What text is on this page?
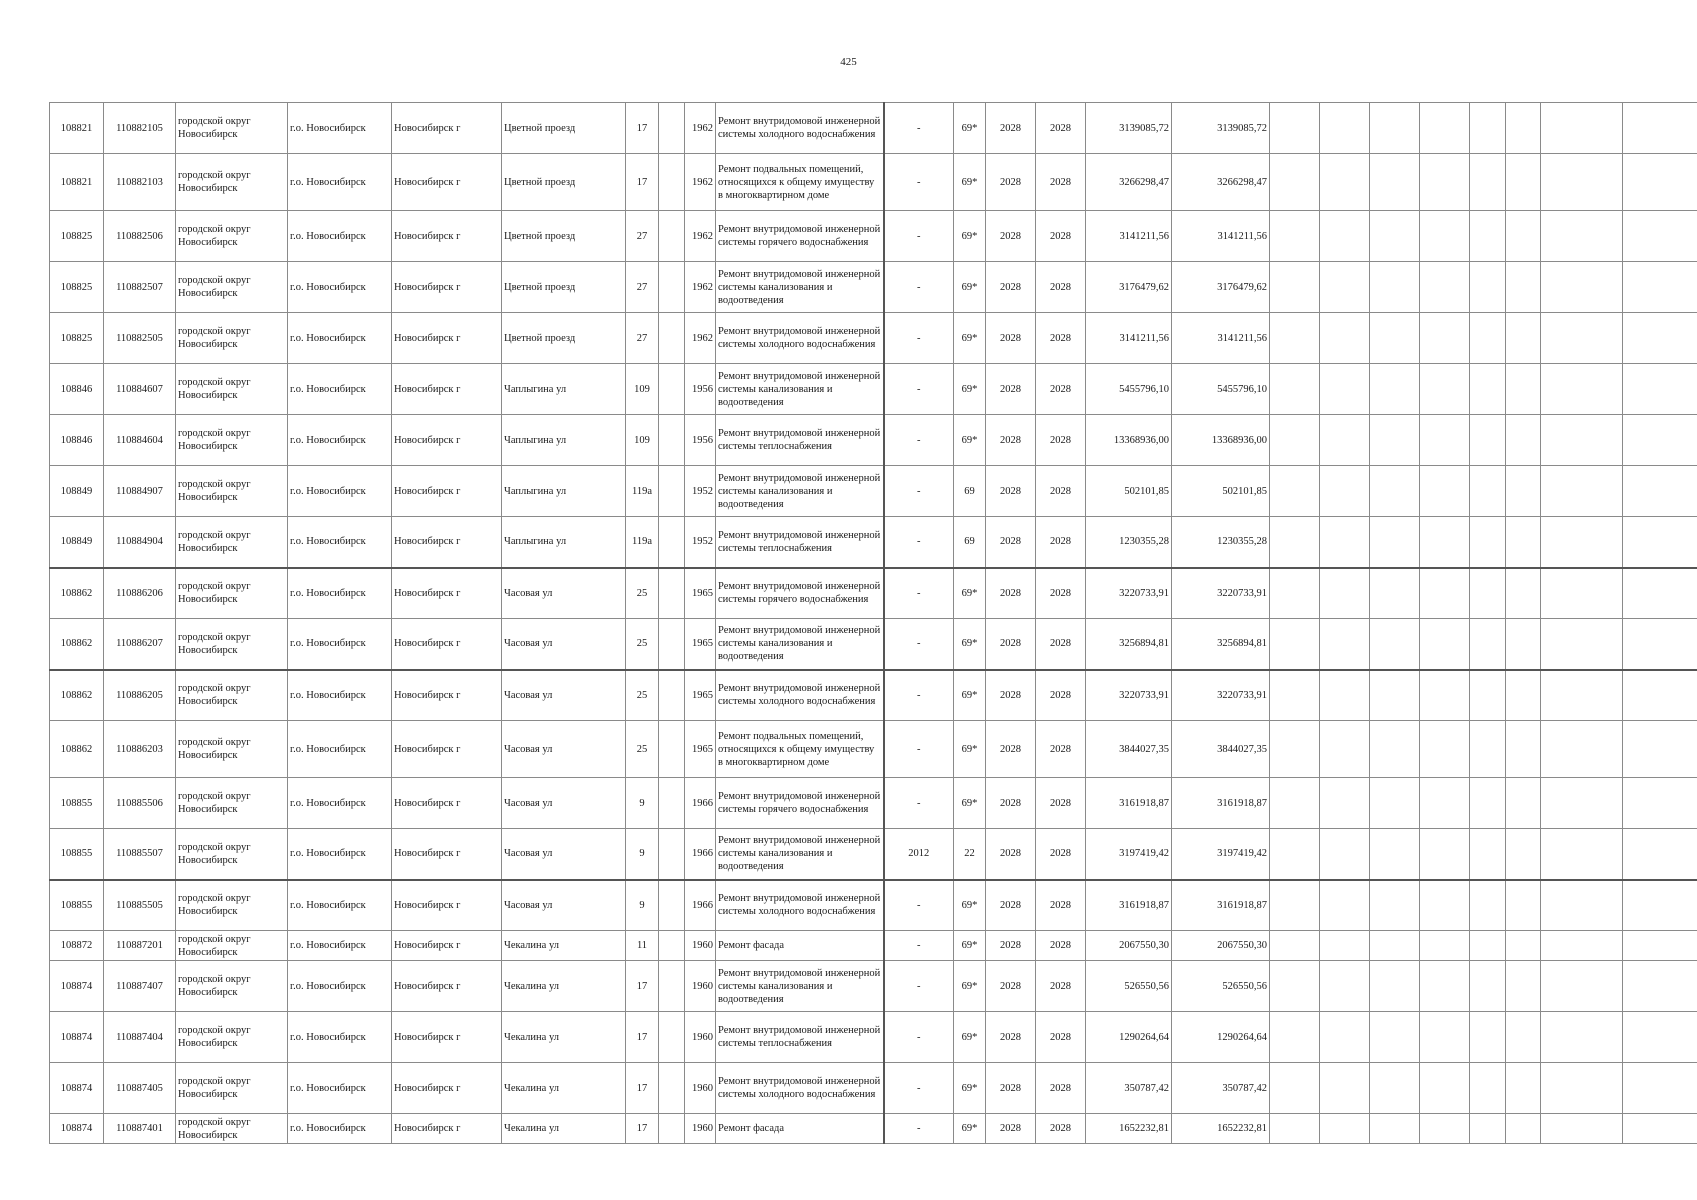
425
108821	110882105	городской округ Новосибирск	г.о. Новосибирск	Новосибирск г	Цветной проезд	17		1962	Ремонт внутридомовой инженерной системы холодного водоснабжения	-	69*	2028	2028	3139085,72	3139085,72								
108821	110882103	городской округ Новосибирск	г.о. Новосибирск	Новосибирск г	Цветной проезд	17		1962	Ремонт подвальных помещений, относящихся к общему имуществу в многоквартирном доме	-	69*	2028	2028	3266298,47	3266298,47								
108825	110882506	городской округ Новосибирск	г.о. Новосибирск	Новосибирск г	Цветной проезд	27		1962	Ремонт внутридомовой инженерной системы горячего водоснабжения	-	69*	2028	2028	3141211,56	3141211,56								
108825	110882507	городской округ Новосибирск	г.о. Новосибирск	Новосибирск г	Цветной проезд	27		1962	Ремонт внутридомовой инженерной системы канализования и водоотведения	-	69*	2028	2028	3176479,62	3176479,62								
108825	110882505	городской округ Новосибирск	г.о. Новосибирск	Новосибирск г	Цветной проезд	27		1962	Ремонт внутридомовой инженерной системы холодного водоснабжения	-	69*	2028	2028	3141211,56	3141211,56								
108846	110884607	городской округ Новосибирск	г.о. Новосибирск	Новосибирск г	Чаплыгина ул	109		1956	Ремонт внутридомовой инженерной системы канализования и водоотведения	-	69*	2028	2028	5455796,10	5455796,10								
108846	110884604	городской округ Новосибирск	г.о. Новосибирск	Новосибирск г	Чаплыгина ул	109		1956	Ремонт внутридомовой инженерной системы теплоснабжения	-	69*	2028	2028	13368936,00	13368936,00								
108849	110884907	городской округ Новосибирск	г.о. Новосибирск	Новосибирск г	Чаплыгина ул	119а		1952	Ремонт внутридомовой инженерной системы канализования и водоотведения	-	69	2028	2028	502101,85	502101,85								
108849	110884904	городской округ Новосибирск	г.о. Новосибирск	Новосибирск г	Чаплыгина ул	119а		1952	Ремонт внутридомовой инженерной системы теплоснабжения	-	69	2028	2028	1230355,28	1230355,28								
108862	110886206	городской округ Новосибирск	г.о. Новосибирск	Новосибирск г	Часовая ул	25		1965	Ремонт внутридомовой инженерной системы горячего водоснабжения	-	69*	2028	2028	3220733,91	3220733,91								
108862	110886207	городской округ Новосибирск	г.о. Новосибирск	Новосибирск г	Часовая ул	25		1965	Ремонт внутридомовой инженерной системы канализования и водоотведения	-	69*	2028	2028	3256894,81	3256894,81								
108862	110886205	городской округ Новосибирск	г.о. Новосибирск	Новосибирск г	Часовая ул	25		1965	Ремонт внутридомовой инженерной системы холодного водоснабжения	-	69*	2028	2028	3220733,91	3220733,91								
108862	110886203	городской округ Новосибирск	г.о. Новосибирск	Новосибирск г	Часовая ул	25		1965	Ремонт подвальных помещений, относящихся к общему имуществу в многоквартирном доме	-	69*	2028	2028	3844027,35	3844027,35								
108855	110885506	городской округ Новосибирск	г.о. Новосибирск	Новосибирск г	Часовая ул	9		1966	Ремонт внутридомовой инженерной системы горячего водоснабжения	-	69*	2028	2028	3161918,87	3161918,87								
108855	110885507	городской округ Новосибирск	г.о. Новосибирск	Новосибирск г	Часовая ул	9		1966	Ремонт внутридомовой инженерной системы канализования и водоотведения	2012	22	2028	2028	3197419,42	3197419,42								
108855	110885505	городской округ Новосибирск	г.о. Новосибирск	Новосибирск г	Часовая ул	9		1966	Ремонт внутридомовой инженерной системы холодного водоснабжения	-	69*	2028	2028	3161918,87	3161918,87								
108872	110887201	городской округ Новосибирск	г.о. Новосибирск	Новосибирск г	Чекалина ул	11		1960	Ремонт фасада	-	69*	2028	2028	2067550,30	2067550,30								
108874	110887407	городской округ Новосибирск	г.о. Новосибирск	Новосибирск г	Чекалина ул	17		1960	Ремонт внутридомовой инженерной системы канализования и водоотведения	-	69*	2028	2028	526550,56	526550,56								
108874	110887404	городской округ Новосибирск	г.о. Новосибирск	Новосибирск г	Чекалина ул	17		1960	Ремонт внутридомовой инженерной системы теплоснабжения	-	69*	2028	2028	1290264,64	1290264,64								
108874	110887405	городской округ Новосибирск	г.о. Новосибирск	Новосибирск г	Чекалина ул	17		1960	Ремонт внутридомовой инженерной системы холодного водоснабжения	-	69*	2028	2028	350787,42	350787,42								
108874	110887401	городской округ Новосибирск	г.о. Новосибирск	Новосибирск г	Чекалина ул	17		1960	Ремонт фасада	-	69*	2028	2028	1652232,81	1652232,81								
